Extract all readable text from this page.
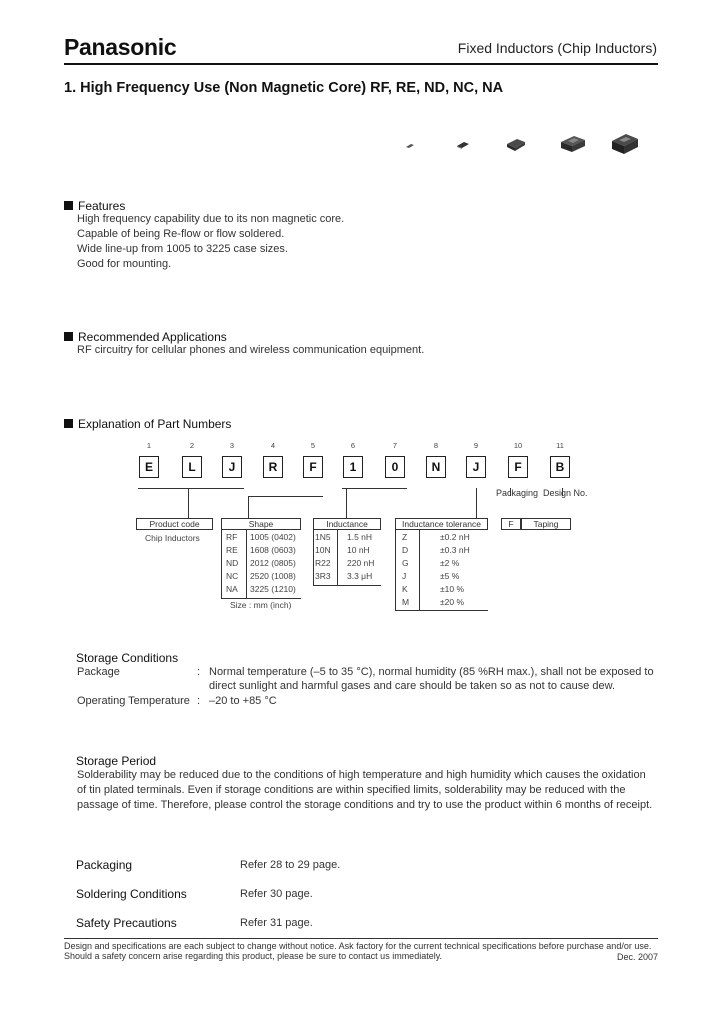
Panasonic	Fixed Inductors (Chip Inductors)
1. High Frequency Use (Non Magnetic Core) RF, RE, ND, NC, NA
Features
High frequency capability due to its non magnetic core.
Capable of being Re-flow or flow soldered.
Wide line-up from 1005 to 3225 case sizes.
Good for mounting.
Recommended Applications
RF circuitry for cellular phones and wireless communication equipment.
Explanation of Part Numbers
1
E
2
L
3
J
4
R
5
F
6
1
7
0
8
N
9
J
10
F
11
B
Packaging Design No.
Product code
Chip Inductors
Shape
RF 1005 (0402)
RE 1608 (0603)
ND 2012 (0805)
NC 2520 (1008)
NA 3225 (1210)
Size : mm (inch)
Inductance
1N5 1.5 nH
10N 10 nH
R22 220 nH
3R3 3.3 μH
Inductance tolerance
Z	±0.2 nH
D	±0.3 nH
G	±2 %
J	±5 %
K	±10 %
M	±20 %
F	Taping
Storage Conditions
Package	: Normal temperature (–5 to 35 °C), normal humidity (85 %RH max.), shall not be exposed to
direct sunlight and harmful gases and care should be taken so as not to cause dew.
Operating Temperature : –20 to +85 °C
Storage Period
Solderability may be reduced due to the conditions of high temperature and high humidity which causes the oxidation
of tin plated terminals. Even if storage conditions are within specified limits, solderability may be reduced with the
passage of time. Therefore, please control the storage conditions and try to use the product within 6 months of receipt.
Packaging	Refer 28 to 29 page.
Soldering Conditions	Refer 30 page.
Safety Precautions	Refer 31 page.
Design and specifications are each subject to change without notice. Ask factory for the current technical specifications before purchase and/or use.
Should a safety concern arise regarding this product, please be sure to contact us immediately.	Dec. 2007
